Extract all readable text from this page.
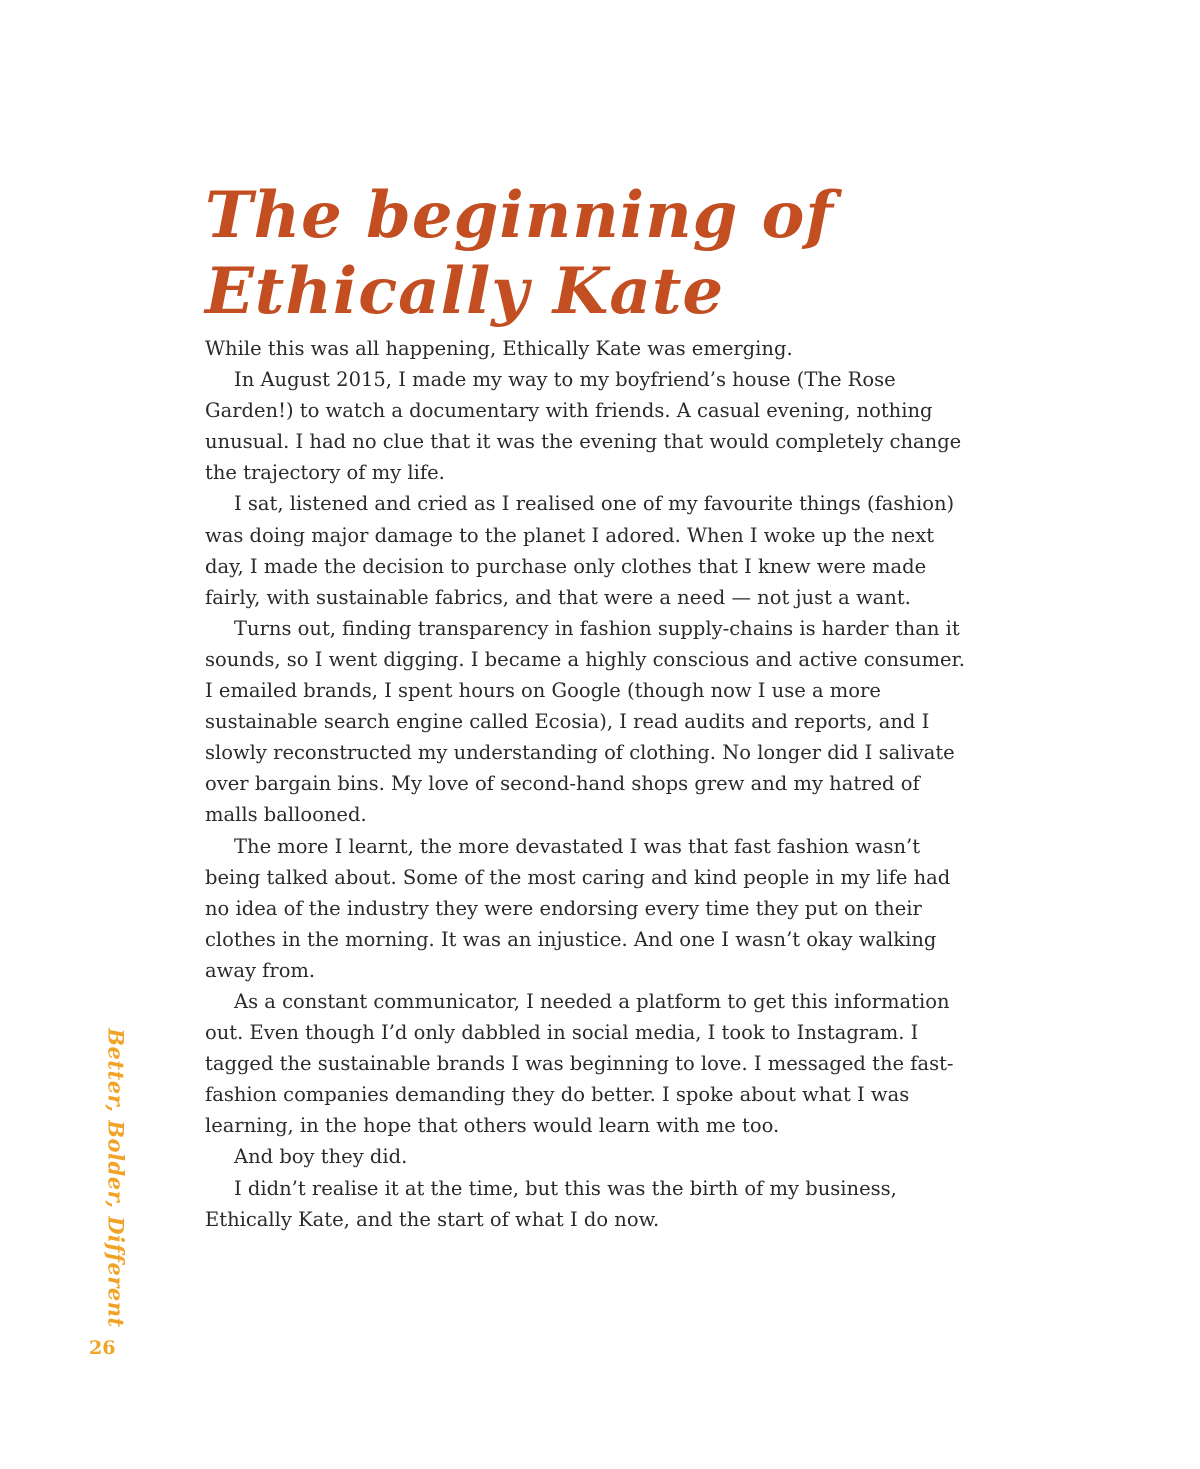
The beginning of
Ethically Kate

While this was all happening, Ethically Kate was emerging.

In August 2015, I made my way to my boyfriend’s house (The Rose Garden!) to watch a documentary with friends. A casual evening, nothing unusual. I had no clue that it was the evening that would completely change the trajectory of my life.

I sat, listened and cried as I realised one of my favourite things (fashion) was doing major damage to the planet I adored. When I woke up the next day, I made the decision to purchase only clothes that I knew were made fairly, with sustainable fabrics, and that were a need — not just a want.

Turns out, finding transparency in fashion supply-chains is harder than it sounds, so I went digging. I became a highly conscious and active consumer. I emailed brands, I spent hours on Google (though now I use a more sustainable search engine called Ecosia), I read audits and reports, and I slowly reconstructed my understanding of clothing. No longer did I salivate over bargain bins. My love of second-hand shops grew and my hatred of malls ballooned.

The more I learnt, the more devastated I was that fast fashion wasn’t being talked about. Some of the most caring and kind people in my life had no idea of the industry they were endorsing every time they put on their clothes in the morning. It was an injustice. And one I wasn’t okay walking away from.

As a constant communicator, I needed a platform to get this information out. Even though I’d only dabbled in social media, I took to Instagram. I tagged the sustainable brands I was beginning to love. I messaged the fast-fashion companies demanding they do better. I spoke about what I was learning, in the hope that others would learn with me too.

And boy they did.

I didn’t realise it at the time, but this was the birth of my business, Ethically Kate, and the start of what I do now.

Better, Bolder, Different
26
